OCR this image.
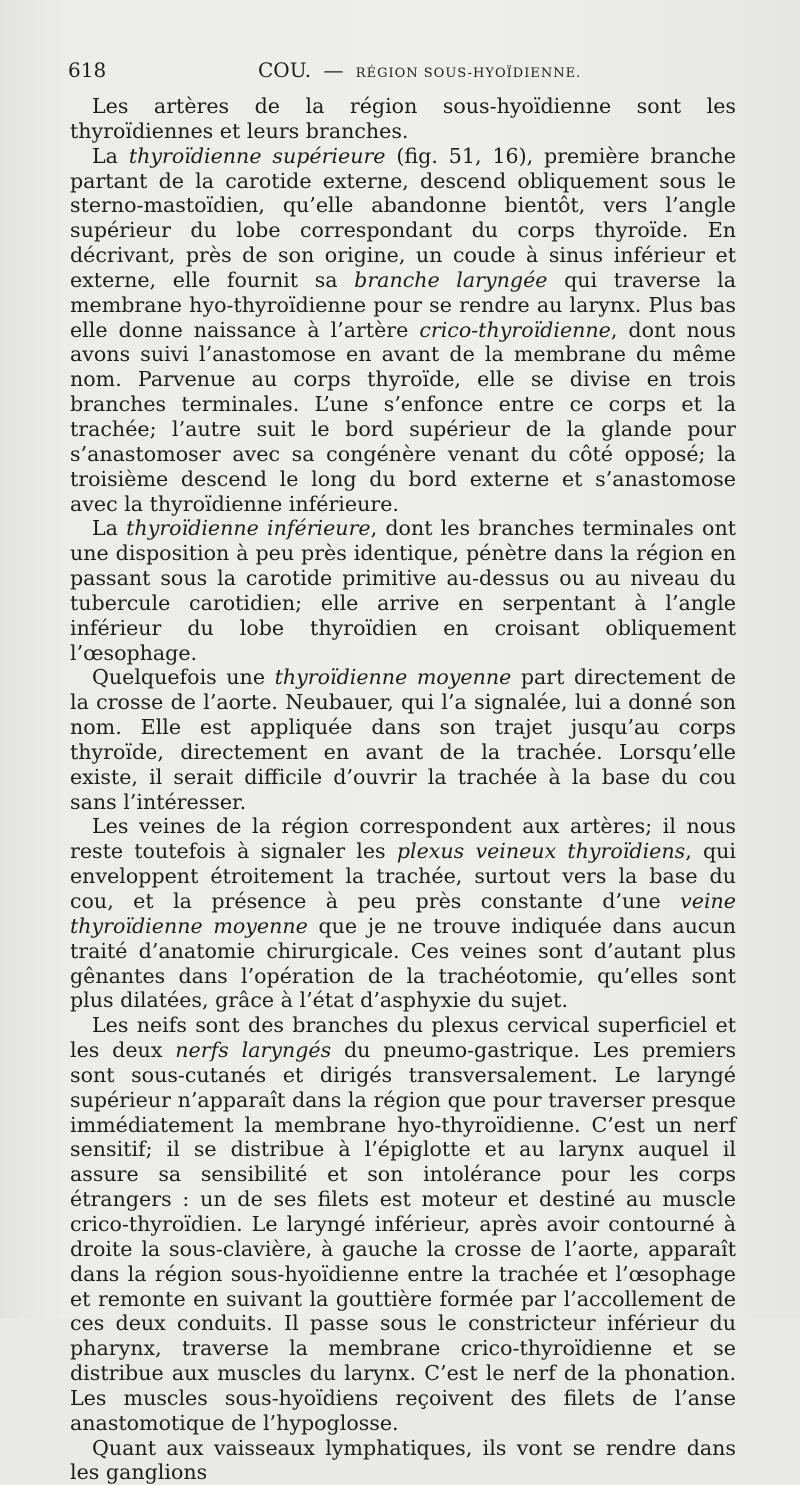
618	COU. — RÉGION SOUS-HYOÏDIENNE.

Les artères de la région sous-hyoïdienne sont les thyroïdiennes et leurs branches.

La thyroïdienne supérieure (fig. 51, 16), première branche partant de la carotide externe, descend obliquement sous le sterno-mastoïdien, qu’elle abandonne bientôt, vers l’angle supérieur du lobe correspondant du corps thyroïde. En décrivant, près de son origine, un coude à sinus inférieur et externe, elle fournit sa branche laryngée qui traverse la membrane hyo-thyroïdienne pour se rendre au larynx. Plus bas elle donne naissance à l’artère crico-thyroïdienne, dont nous avons suivi l’anastomose en avant de la membrane du même nom. Parvenue au corps thyroïde, elle se divise en trois branches terminales. L’une s’enfonce entre ce corps et la trachée; l’autre suit le bord supérieur de la glande pour s’anastomoser avec sa congénère venant du côté opposé; la troisième descend le long du bord externe et s’anastomose avec la thyroïdienne inférieure.

La thyroïdienne inférieure, dont les branches terminales ont une disposition à peu près identique, pénètre dans la région en passant sous la carotide primitive au-dessus ou au niveau du tubercule carotidien; elle arrive en serpentant à l’angle inférieur du lobe thyroïdien en croisant obliquement l’œsophage.

Quelquefois une thyroïdienne moyenne part directement de la crosse de l’aorte. Neubauer, qui l’a signalée, lui a donné son nom. Elle est appliquée dans son trajet jusqu’au corps thyroïde, directement en avant de la trachée. Lorsqu’elle existe, il serait difficile d’ouvrir la trachée à la base du cou sans l’intéresser.

Les veines de la région correspondent aux artères; il nous reste toutefois à signaler les plexus veineux thyroïdiens, qui enveloppent étroitement la trachée, surtout vers la base du cou, et la présence à peu près constante d’une veine thyroïdienne moyenne que je ne trouve indiquée dans aucun traité d’anatomie chirurgicale. Ces veines sont d’autant plus gênantes dans l’opération de la trachéotomie, qu’elles sont plus dilatées, grâce à l’état d’asphyxie du sujet.

Les neifs sont des branches du plexus cervical superficiel et les deux nerfs laryngés du pneumo-gastrique. Les premiers sont sous-cutanés et dirigés transversalement. Le laryngé supérieur n’apparaît dans la région que pour traverser presque immédiatement la membrane hyo-thyroïdienne. C’est un nerf sensitif; il se distribue à l’épiglotte et au larynx auquel il assure sa sensibilité et son intolérance pour les corps étrangers : un de ses filets est moteur et destiné au muscle crico-thyroïdien. Le laryngé inférieur, après avoir contourné à droite la sous-clavière, à gauche la crosse de l’aorte, apparaît dans la région sous-hyoïdienne entre la trachée et l’œsophage et remonte en suivant la gouttière formée par l’accollement de ces deux conduits. Il passe sous le constricteur inférieur du pharynx, traverse la membrane crico-thyroïdienne et se distribue aux muscles du larynx. C’est le nerf de la phonation. Les muscles sous-hyoïdiens reçoivent des filets de l’anse anastomotique de l’hypoglosse.

Quant aux vaisseaux lymphatiques, ils vont se rendre dans les ganglions
